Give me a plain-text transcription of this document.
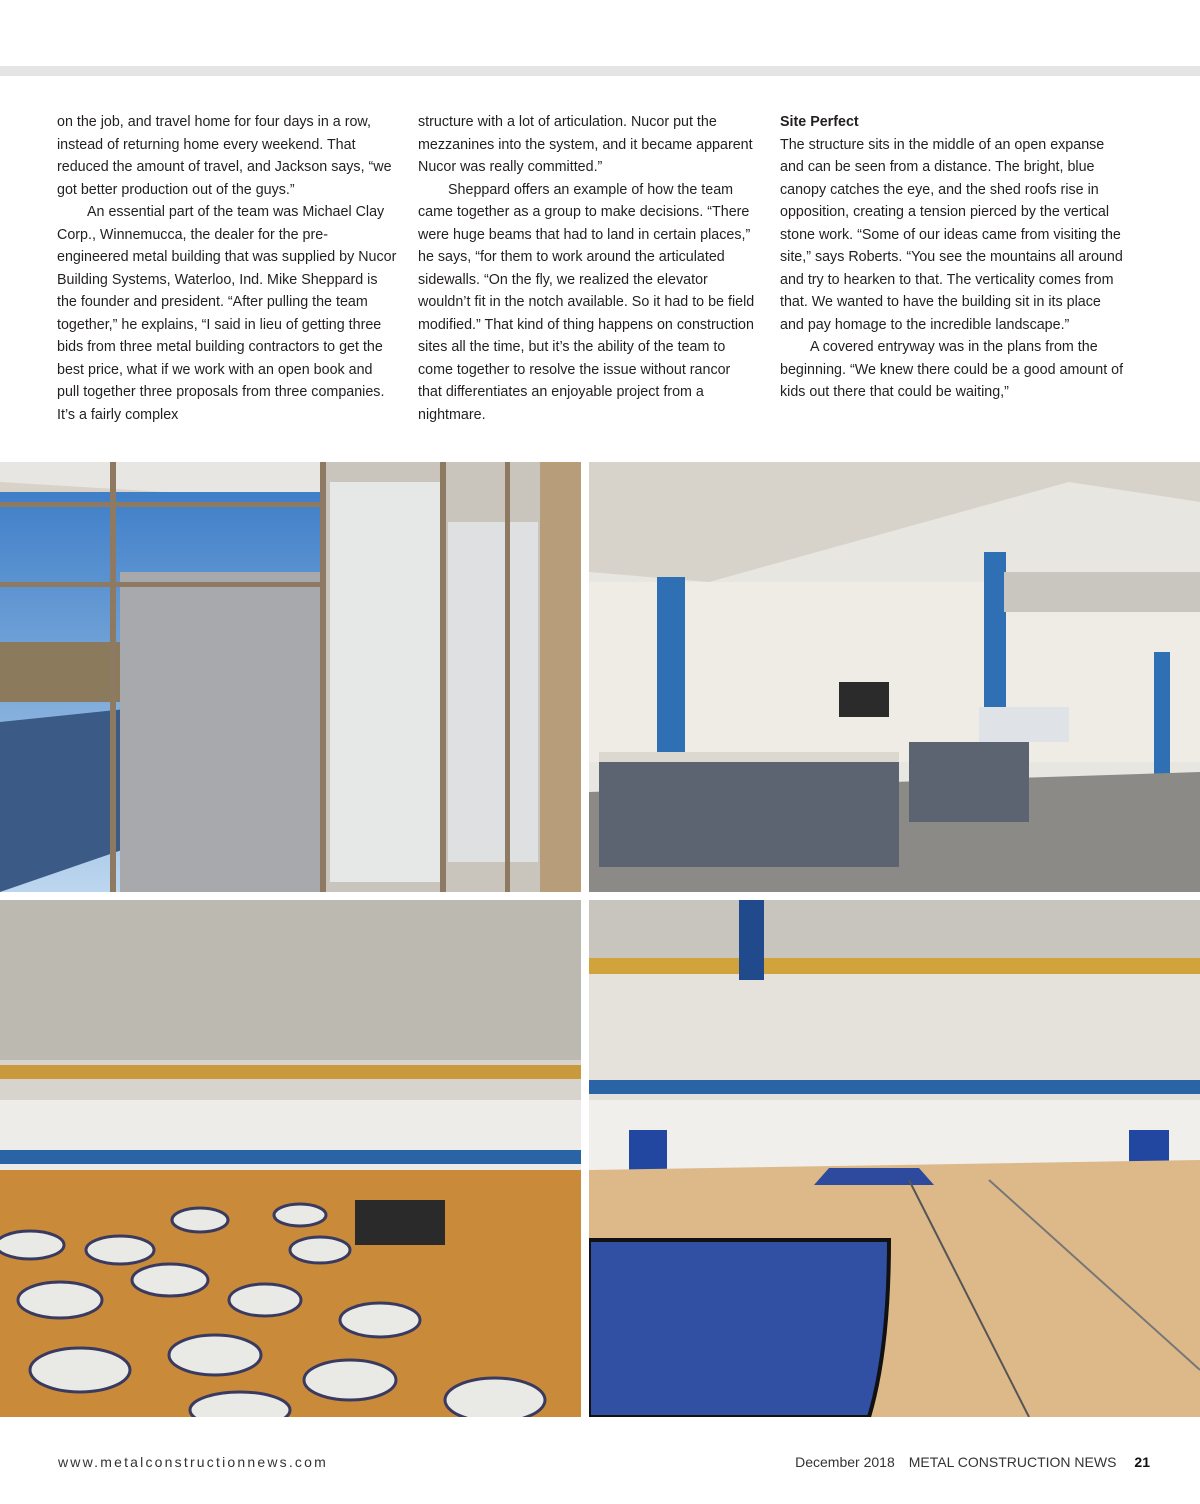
on the job, and travel home for four days in a row, instead of returning home every weekend. That reduced the amount of travel, and Jackson says, “we got better production out of the guys.”

An essential part of the team was Michael Clay Corp., Winnemucca, the dealer for the pre-engineered metal building that was supplied by Nucor Building Systems, Waterloo, Ind. Mike Sheppard is the founder and president. “After pulling the team together,” he explains, “I said in lieu of getting three bids from three metal building contractors to get the best price, what if we work with an open book and pull together three proposals from three companies. It’s a fairly complex

structure with a lot of articulation. Nucor put the mezzanines into the system, and it became apparent Nucor was really committed.”

Sheppard offers an example of how the team came together as a group to make decisions. “There were huge beams that had to land in certain places,” he says, “for them to work around the articulated sidewalls. “On the fly, we realized the elevator wouldn’t fit in the notch available. So it had to be field modified.” That kind of thing happens on construction sites all the time, but it’s the ability of the team to come together to resolve the issue without rancor that differentiates an enjoyable project from a nightmare.

Site Perfect

The structure sits in the middle of an open expanse and can be seen from a distance. The bright, blue canopy catches the eye, and the shed roofs rise in opposition, creating a tension pierced by the vertical stone work. “Some of our ideas came from visiting the site,” says Roberts. “You see the mountains all around and try to hearken to that. The verticality comes from that. We wanted to have the building sit in its place and pay homage to the incredible landscape.”

A covered entryway was in the plans from the beginning. “We knew there could be a good amount of kids out there that could be waiting,”

www.metalconstructionnews.com	December 2018 METAL CONSTRUCTION NEWS 21
